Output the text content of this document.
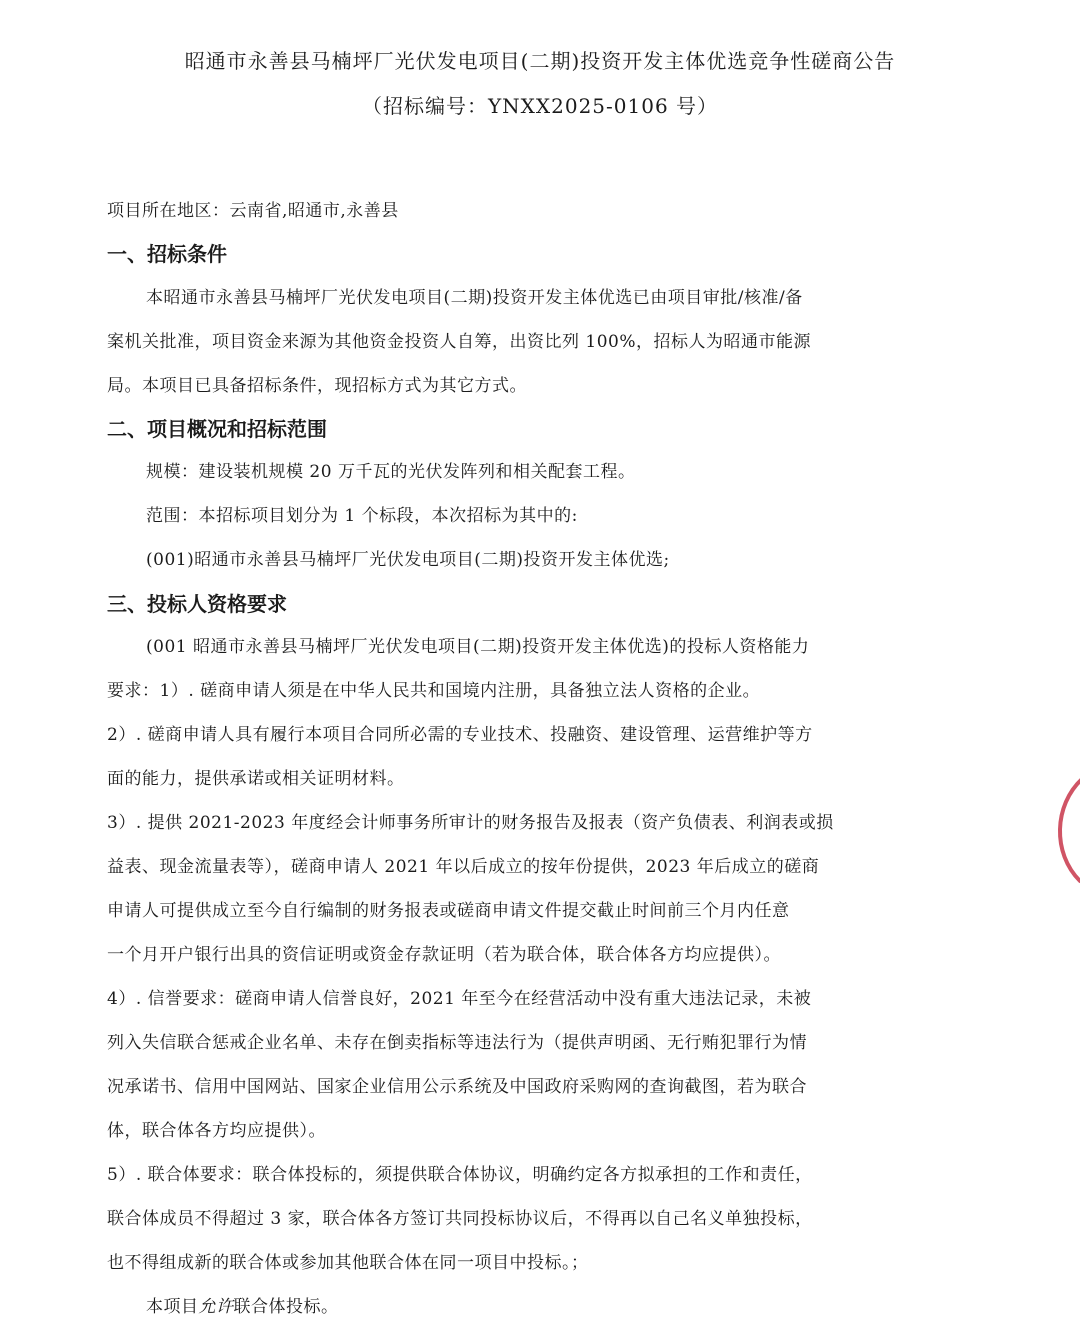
昭通市永善县马楠坪厂光伏发电项目(二期)投资开发主体优选竞争性磋商公告
（招标编号：YNXX2025-0106 号）
项目所在地区：云南省,昭通市,永善县
一、招标条件
本昭通市永善县马楠坪厂光伏发电项目(二期)投资开发主体优选已由项目审批/核准/备
案机关批准，项目资金来源为其他资金投资人自筹，出资比列 100%，招标人为昭通市能源
局。本项目已具备招标条件，现招标方式为其它方式。
二、项目概况和招标范围
规模：建设装机规模 20 万千瓦的光伏发阵列和相关配套工程。
范围：本招标项目划分为 1 个标段，本次招标为其中的:
(001)昭通市永善县马楠坪厂光伏发电项目(二期)投资开发主体优选;
三、投标人资格要求
(001 昭通市永善县马楠坪厂光伏发电项目(二期)投资开发主体优选)的投标人资格能力
要求：1）. 磋商申请人须是在中华人民共和国境内注册，具备独立法人资格的企业。
2）. 磋商申请人具有履行本项目合同所必需的专业技术、投融资、建设管理、运营维护等方
面的能力，提供承诺或相关证明材料。
3）. 提供 2021-2023 年度经会计师事务所审计的财务报告及报表（资产负债表、利润表或损
益表、现金流量表等），磋商申请人 2021 年以后成立的按年份提供，2023 年后成立的磋商
申请人可提供成立至今自行编制的财务报表或磋商申请文件提交截止时间前三个月内任意
一个月开户银行出具的资信证明或资金存款证明（若为联合体，联合体各方均应提供）。
4）. 信誉要求：磋商申请人信誉良好，2021 年至今在经营活动中没有重大违法记录，未被
列入失信联合惩戒企业名单、未存在倒卖指标等违法行为（提供声明函、无行贿犯罪行为情
况承诺书、信用中国网站、国家企业信用公示系统及中国政府采购网的查询截图，若为联合
体，联合体各方均应提供）。
5）. 联合体要求：联合体投标的，须提供联合体协议，明确约定各方拟承担的工作和责任，
联合体成员不得超过 3 家，联合体各方签订共同投标协议后，不得再以自己名义单独投标，
也不得组成新的联合体或参加其他联合体在同一项目中投标。；
本项目允许联合体投标。
